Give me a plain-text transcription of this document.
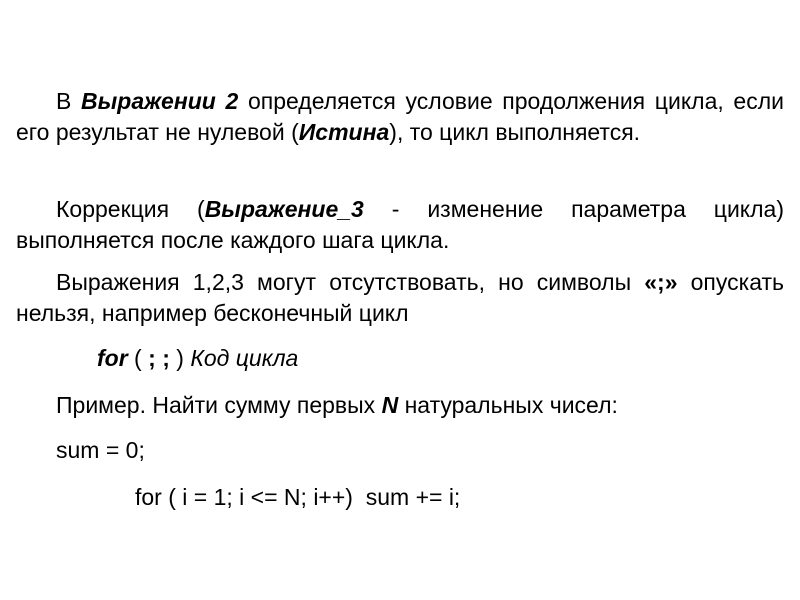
В Выражении 2 определяется условие продолжения цикла, если его результат не нулевой (Истина), то цикл выполняется.

Коррекция (Выражение_3 - изменение параметра цикла) выполняется после каждого шага цикла.

Выражения 1,2,3 могут отсутствовать, но символы «;» опускать нельзя, например бесконечный цикл

for ( ; ; ) Код цикла

Пример. Найти сумму первых N натуральных чисел:

sum = 0;

for ( i = 1; i <= N; i++)  sum += i;
